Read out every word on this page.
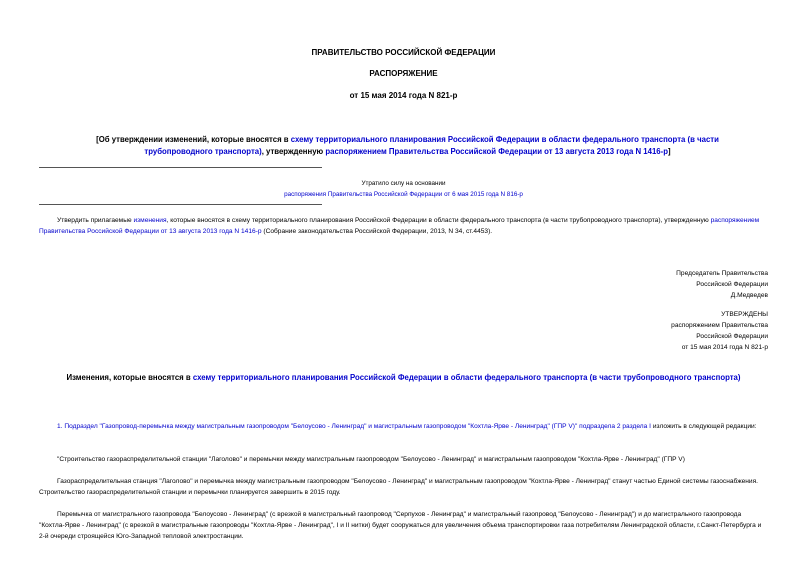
ПРАВИТЕЛЬСТВО РОССИЙСКОЙ ФЕДЕРАЦИИ
РАСПОРЯЖЕНИЕ
от 15 мая 2014 года N 821-р
[Об утверждении изменений, которые вносятся в схему территориального планирования Российской Федерации в области федерального транспорта (в части трубопроводного транспорта), утвержденную распоряжением Правительства Российской Федерации от 13 августа 2013 года N 1416-р]
Утратило силу на основании
распоряжения Правительства Российской Федерации от 6 мая 2015 года N 816-р
Утвердить прилагаемые изменения, которые вносятся в схему территориального планирования Российской Федерации в области федерального транспорта (в части трубопроводного транспорта), утвержденную распоряжением Правительства Российской Федерации от 13 августа 2013 года N 1416-р (Собрание законодательства Российской Федерации, 2013, N 34, ст.4453).
Председатель Правительства
Российской Федерации
Д.Медведев
УТВЕРЖДЕНЫ
распоряжением Правительства
Российской Федерации
от 15 мая 2014 года N 821-р
Изменения, которые вносятся в схему территориального планирования Российской Федерации в области федерального транспорта (в части трубопроводного транспорта)
1. Подраздел "Газопровод-перемычка между магистральным газопроводом "Белоусово - Ленинград" и магистральным газопроводом "Кохтла-Ярве - Ленинград" (ГПР V)" подраздела 2 раздела I изложить в следующей редакции:
"Строительство газораспределительной станции "Лаголово" и перемычки между магистральным газопроводом "Белоусово - Ленинград" и магистральным газопроводом "Кохтла-Ярве - Ленинград" (ГПР V)
Газораспределительная станция "Лаголово" и перемычка между магистральным газопроводом "Белоусово - Ленинград" и магистральным газопроводом "Кохтла-Ярве - Ленинград" станут частью Единой системы газоснабжения. Строительство газораспределительной станции и перемычки планируется завершить в 2015 году.
Перемычка от магистрального газопровода "Белоусово - Ленинград" (с врезкой в магистральный газопровод "Серпухов - Ленинград" и магистральный газопровод "Белоусово - Ленинград") и до магистрального газопровода "Кохтла-Ярве - Ленинград" (с врезкой в магистральные газопроводы "Кохтла-Ярве - Ленинград", I и II нитки) будет сооружаться для увеличения объема транспортировки газа потребителям Ленинградской области, г.Санкт-Петербурга и 2-й очереди строящейся Юго-Западной тепловой электростанции.
